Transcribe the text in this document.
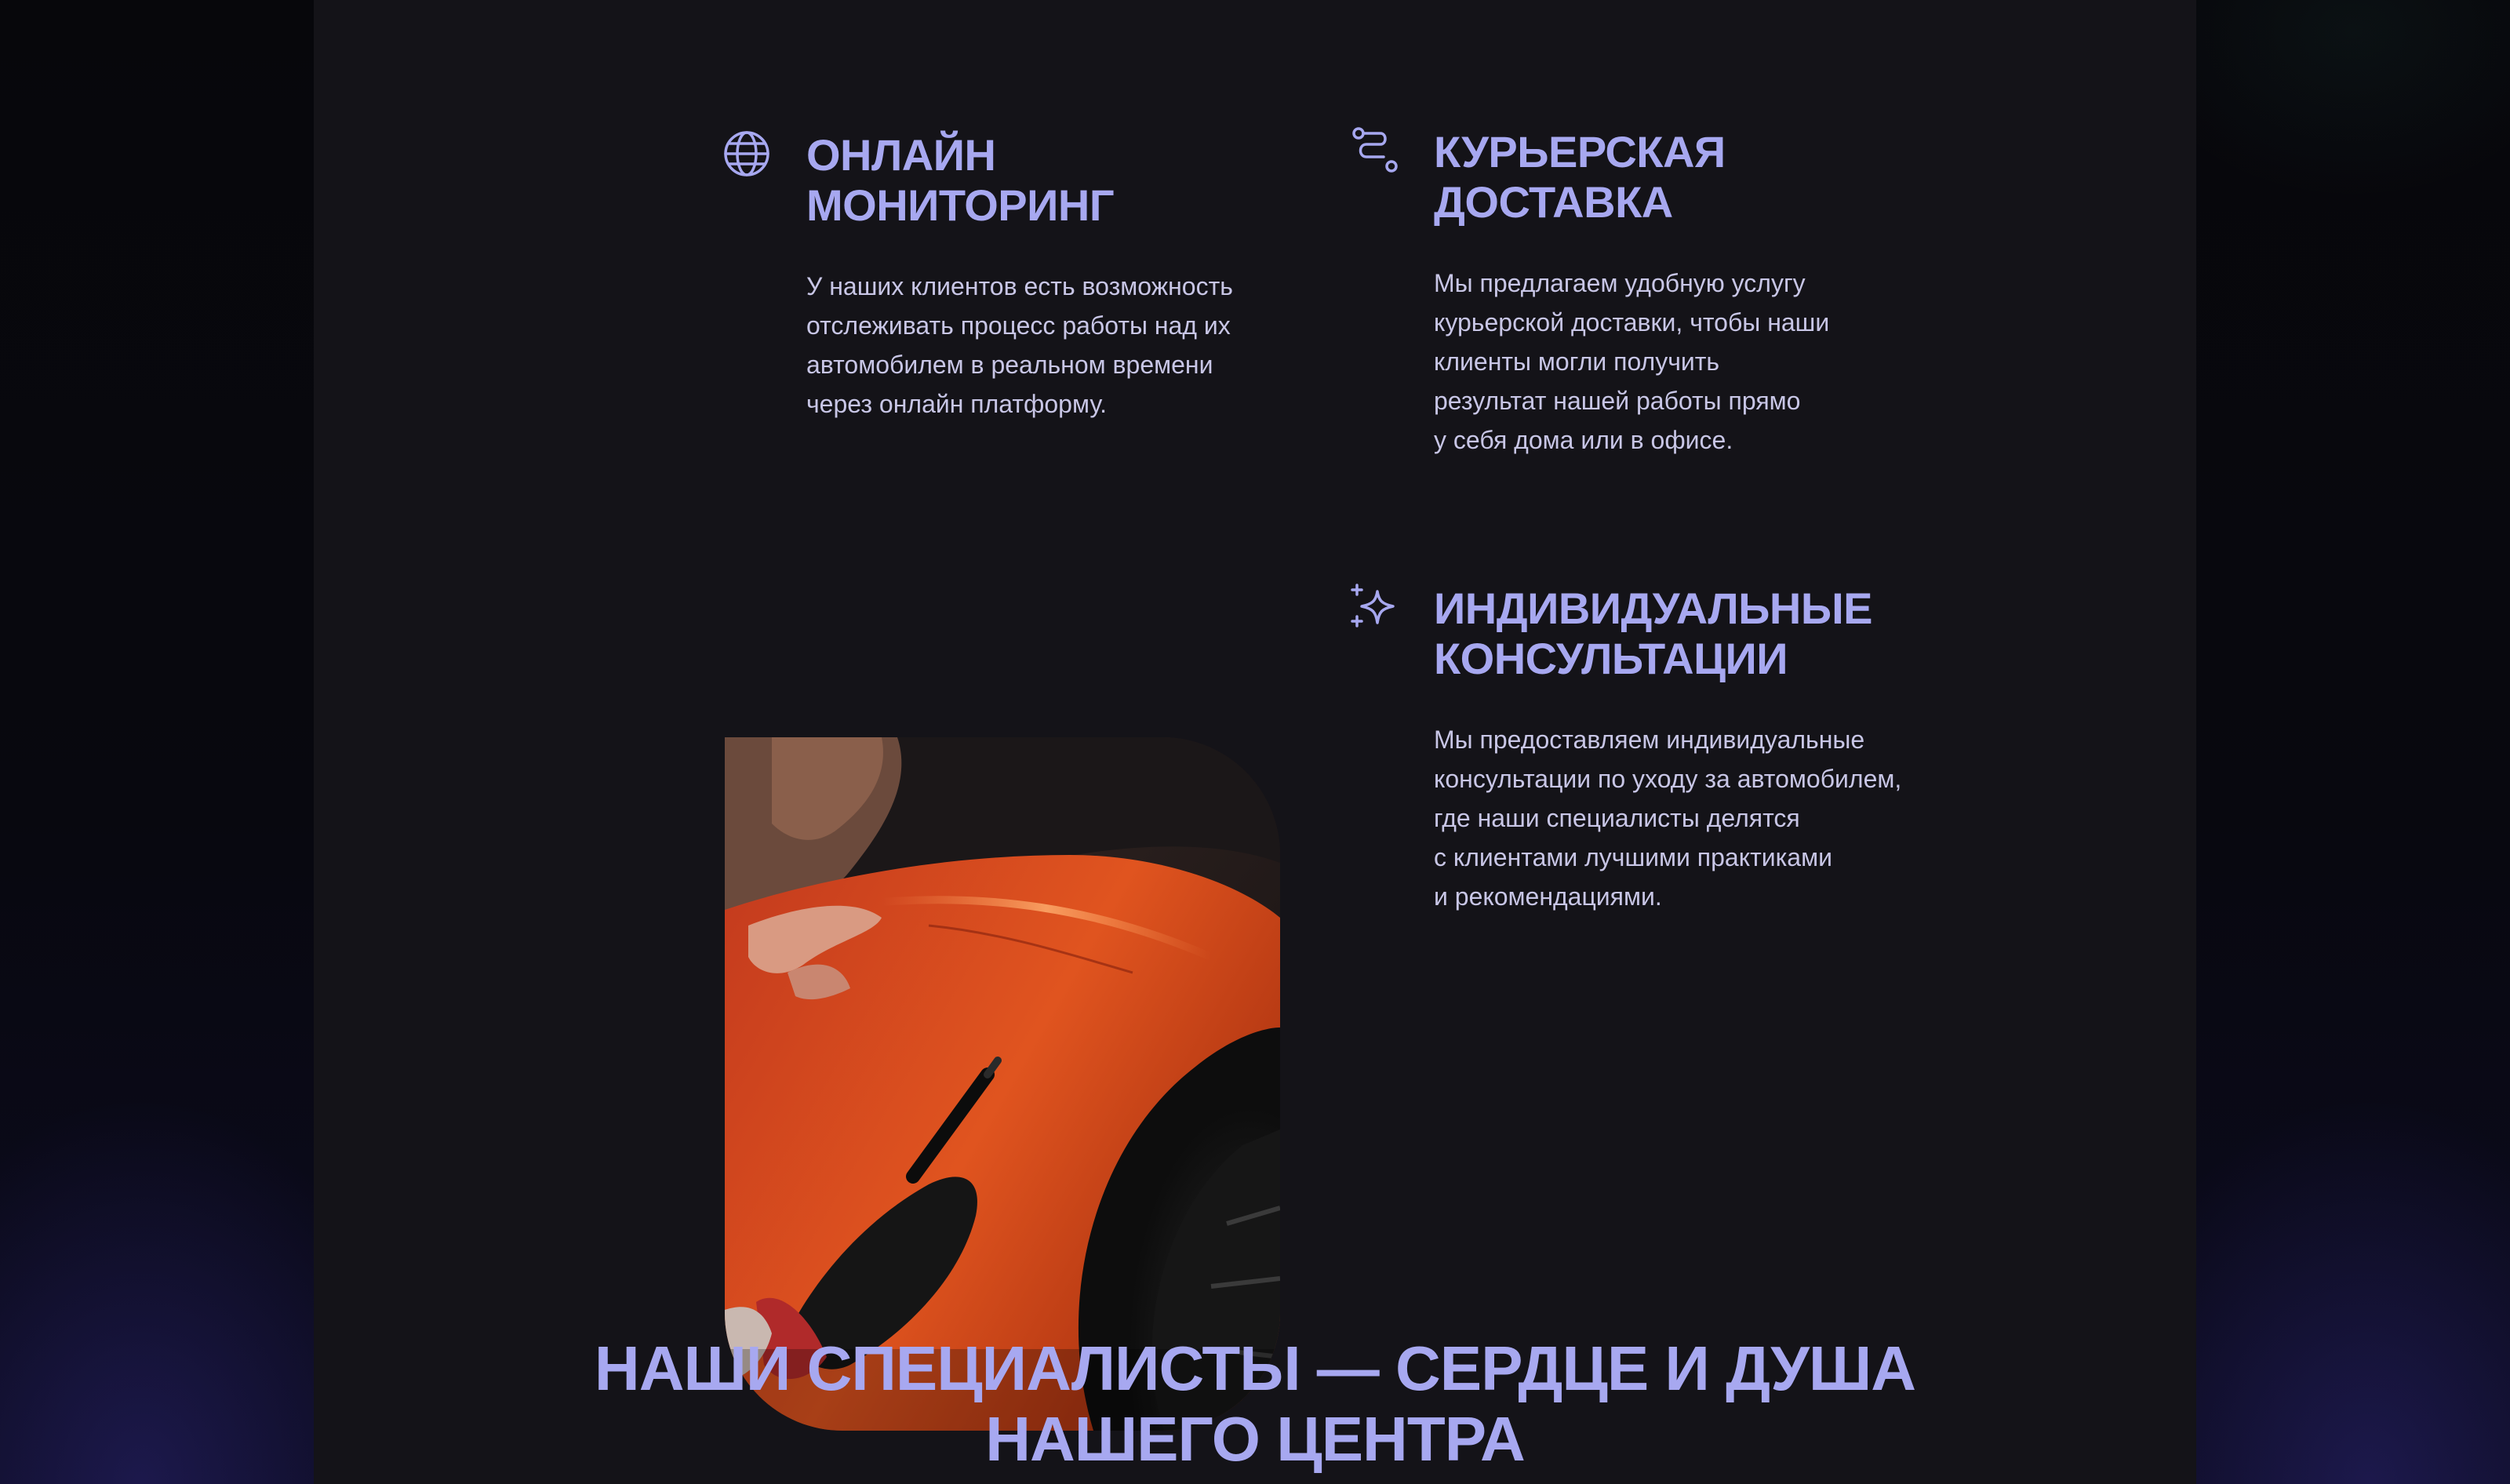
ОНЛАЙН
МОНИТОРИНГ

У наших клиентов есть возможность
отслеживать процесс работы над их
автомобилем в реальном времени
через онлайн платформу.

КУРЬЕРСКАЯ
ДОСТАВКА

Мы предлагаем удобную услугу
курьерской доставки, чтобы наши
клиенты могли получить
результат нашей работы прямо
у себя дома или в офисе.

ИНДИВИДУАЛЬНЫЕ
КОНСУЛЬТАЦИИ

Мы предоставляем индивидуальные
консультации по уходу за автомобилем,
где наши специалисты делятся
с клиентами лучшими практиками
и рекомендациями.

НАШИ СПЕЦИАЛИСТЫ — СЕРДЦЕ И ДУША
НАШЕГО ЦЕНТРА
